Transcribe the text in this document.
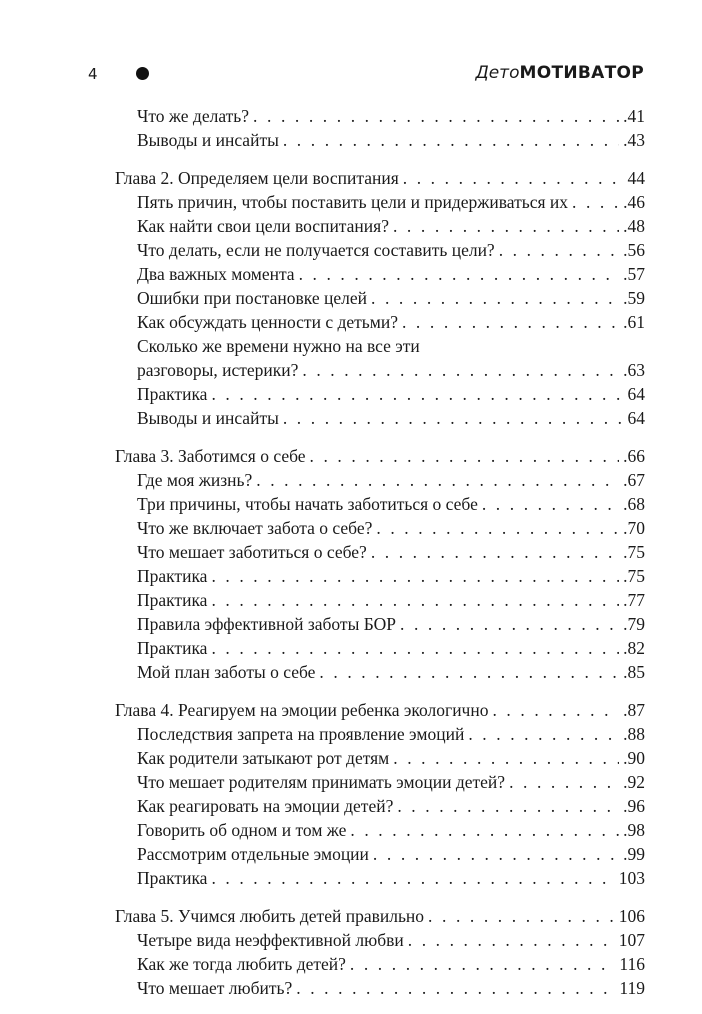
4	ДетоМОТИВАТОР
Что же делать? . . .	.41
Выводы и инсайты . . .	.43
Глава 2. Определяем цели воспитания . . .	44
Пять причин, чтобы поставить цели и придерживаться их . . .	.46
Как найти свои цели воспитания? . . .	.48
Что делать, если не получается составить цели? . . .	.56
Два важных момента . . .	.57
Ошибки при постановке целей . . .	.59
Как обсуждать ценности с детьми? . . .	.61
Сколько же времени нужно на все эти
разговоры, истерики? . . .	.63
Практика . . .	64
Выводы и инсайты . . .	64
Глава 3. Заботимся о себе . . .	.66
Где моя жизнь? . . .	.67
Три причины, чтобы начать заботиться о себе . . .	.68
Что же включает забота о себе? . . .	.70
Что мешает заботиться о себе? . . .	.75
Практика . . .	.75
Практика . . .	.77
Правила эффективной заботы БОР . . .	.79
Практика . . .	.82
Мой план заботы о себе . . .	.85
Глава 4. Реагируем на эмоции ребенка экологично . . .	.87
Последствия запрета на проявление эмоций . . .	.88
Как родители затыкают рот детям . . .	.90
Что мешает родителям принимать эмоции детей? . . .	.92
Как реагировать на эмоции детей? . . .	.96
Говорить об одном и том же . . .	.98
Рассмотрим отдельные эмоции . . .	.99
Практика . . .	103
Глава 5. Учимся любить детей правильно . . .	106
Четыре вида неэффективной любви . . .	107
Как же тогда любить детей? . . .	116
Что мешает любить? . . .	119
